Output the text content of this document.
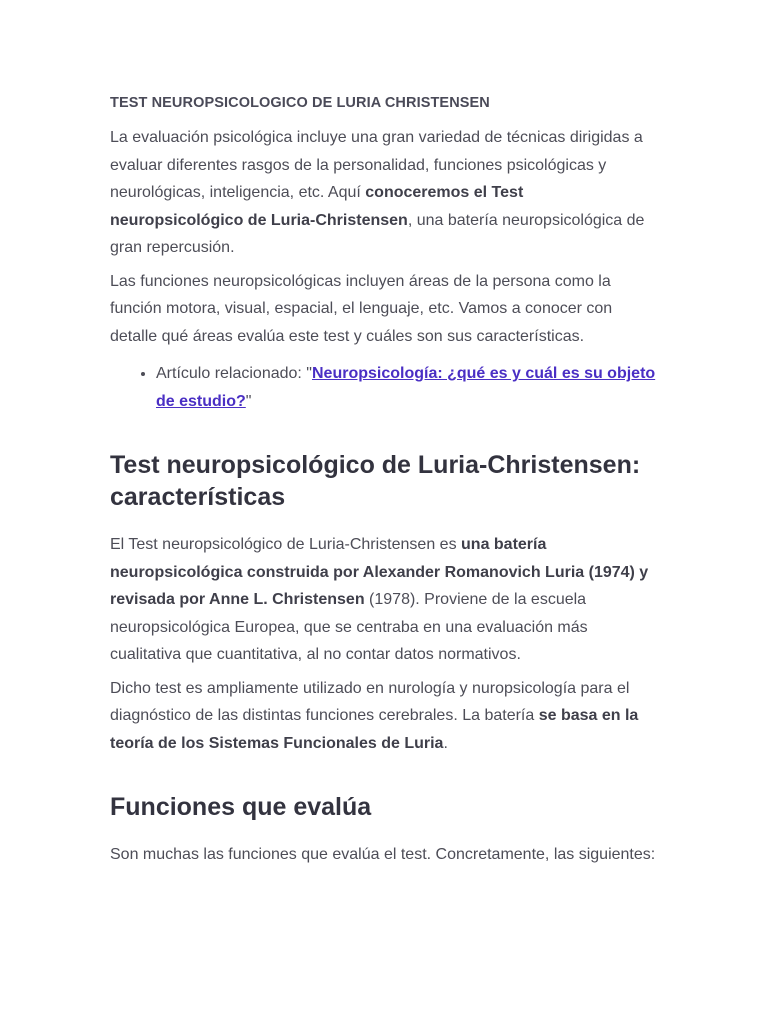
TEST NEUROPSICOLOGICO DE LURIA CHRISTENSEN

La evaluación psicológica incluye una gran variedad de técnicas dirigidas a evaluar diferentes rasgos de la personalidad, funciones psicológicas y neurológicas, inteligencia, etc. Aquí conoceremos el Test neuropsicológico de Luria-Christensen, una batería neuropsicológica de gran repercusión.

Las funciones neuropsicológicas incluyen áreas de la persona como la función motora, visual, espacial, el lenguaje, etc. Vamos a conocer con detalle qué áreas evalúa este test y cuáles son sus características.

• Artículo relacionado: "Neuropsicología: ¿qué es y cuál es su objeto de estudio?"
Test neuropsicológico de Luria-Christensen: características

El Test neuropsicológico de Luria-Christensen es una batería neuropsicológica construida por Alexander Romanovich Luria (1974) y revisada por Anne L. Christensen (1978). Proviene de la escuela neuropsicológica Europea, que se centraba en una evaluación más cualitativa que cuantitativa, al no contar datos normativos.

Dicho test es ampliamente utilizado en nurología y nuropsicología para el diagnóstico de las distintas funciones cerebrales. La batería se basa en la teoría de los Sistemas Funcionales de Luria.

Funciones que evalúa

Son muchas las funciones que evalúa el test. Concretamente, las siguientes:
